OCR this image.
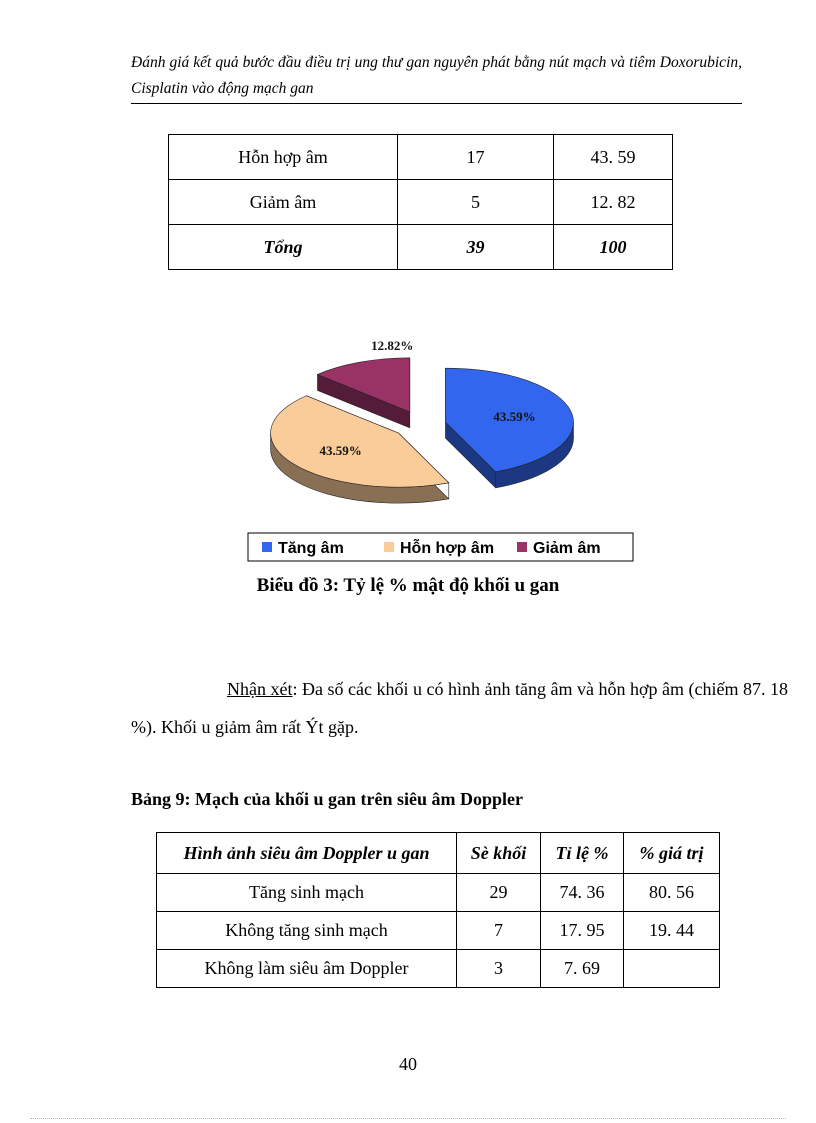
Đánh giá kết quả bước đầu điều trị ung thư gan nguyên phát bằng nút mạch và tiêm Doxorubicin, Cisplatin vào động mạch gan
Hỗn hợp âm	17	43. 59
Giảm âm	5	12. 82
Tổng	39	100
43.59%
43.59%
12.82%
Tăng âm	Hỗn hợp âm Giảm âm
Biểu đồ 3: Tỷ lệ % mật độ khối u gan

Nhận xét: Đa số các khối u có hình ảnh tăng âm và hỗn hợp âm (chiếm 87. 18 %). Khối u giảm âm rất Ýt gặp.

Bảng 9: Mạch của khối u gan trên siêu âm Doppler
Hình ảnh siêu âm Doppler u gan	Sè khối	Tỉ lệ %	% giá trị
Tăng sinh mạch	29	74. 36	80. 56
Không tăng sinh mạch	7	17. 95	19. 44
Không làm siêu âm Doppler	3	7. 69	
40
